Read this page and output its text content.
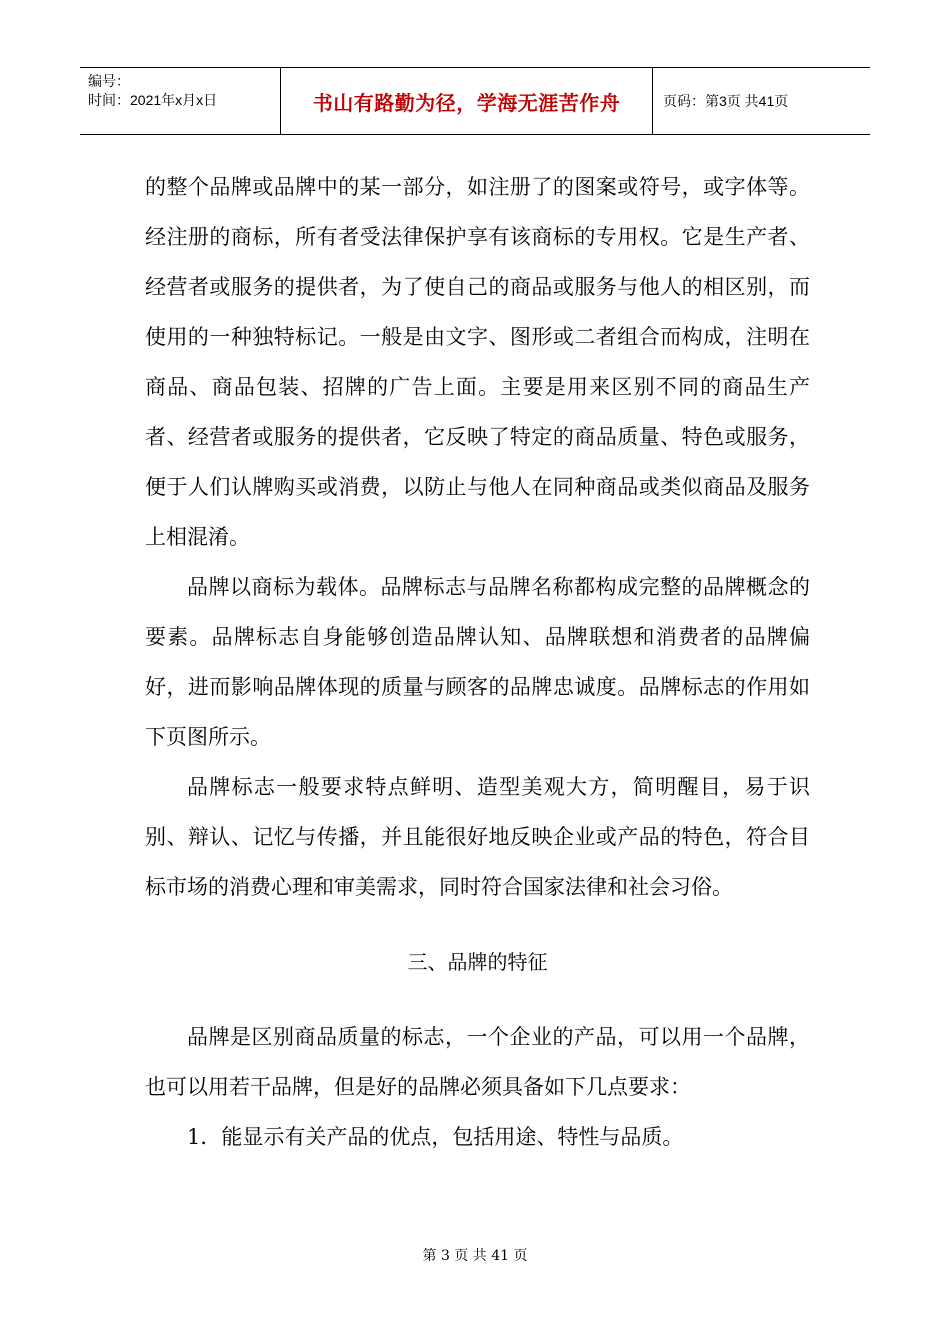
编号：
时间：2021年x月x日	书山有路勤为径，学海无涯苦作舟	页码：第3页 共41页

的整个品牌或品牌中的某一部分，如注册了的图案或符号，或字体等。经注册的商标，所有者受法律保护享有该商标的专用权。它是生产者、经营者或服务的提供者，为了使自己的商品或服务与他人的相区别，而使用的一种独特标记。一般是由文字、图形或二者组合而构成，注明在商品、商品包装、招牌的广告上面。主要是用来区别不同的商品生产者、经营者或服务的提供者，它反映了特定的商品质量、特色或服务，便于人们认牌购买或消费，以防止与他人在同种商品或类似商品及服务上相混淆。

品牌以商标为载体。品牌标志与品牌名称都构成完整的品牌概念的要素。品牌标志自身能够创造品牌认知、品牌联想和消费者的品牌偏好，进而影响品牌体现的质量与顾客的品牌忠诚度。品牌标志的作用如下页图所示。

品牌标志一般要求特点鲜明、造型美观大方，简明醒目，易于识别、辩认、记忆与传播，并且能很好地反映企业或产品的特色，符合目标市场的消费心理和审美需求，同时符合国家法律和社会习俗。

三、品牌的特征

品牌是区别商品质量的标志，一个企业的产品，可以用一个品牌，也可以用若干品牌，但是好的品牌必须具备如下几点要求：

1．能显示有关产品的优点，包括用途、特性与品质。

第 3 页 共 41 页
